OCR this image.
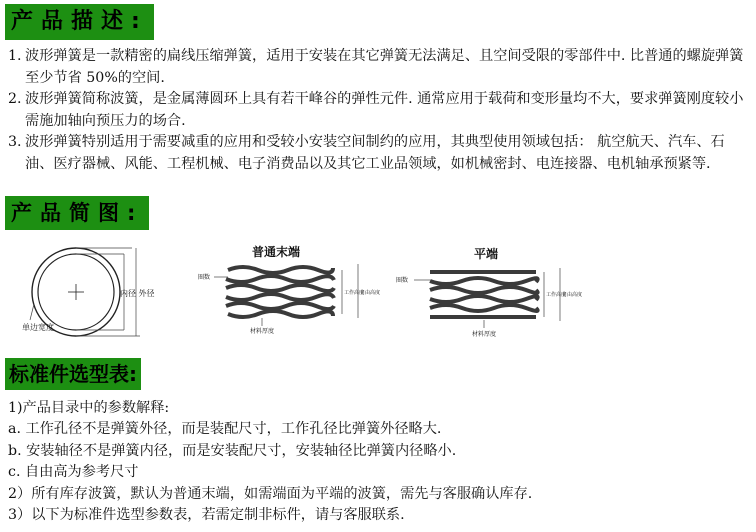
产品描述:
1. 波形弹簧是一款精密的扁线压缩弹簧，适用于安装在其它弹簧无法满足、且空间受限的零部件中. 比普通的螺旋弹簧至少节省 50%的空间.
2. 波形弹簧简称波簧，是金属薄圆环上具有若干峰谷的弹性元件. 通常应用于载荷和变形量均不大，要求弹簧刚度较小需施加轴向预压力的场合.
3. 波形弹簧特别适用于需要减重的应用和受较小安装空间制约的应用，其典型使用领域包括： 航空航天、汽车、石油、医疗器械、风能、工程机械、电子消费品以及其它工业品领域，如机械密封、电连接器、电机轴承预紧等.
产品简图:
内径 外径
单边宽度
普通末端
圈数
工作高度
自由高度
材料厚度
平端
圈数
工作高度
自由高度
材料厚度
标准件选型表:
1)产品目录中的参数解释:
a. 工作孔径不是弹簧外径，而是装配尺寸，工作孔径比弹簧外径略大.
b. 安装轴径不是弹簧内径，而是安装配尺寸，安装轴径比弹簧内径略小.
c. 自由高为参考尺寸
2）所有库存波簧，默认为普通末端，如需端面为平端的波簧，需先与客服确认库存.
3）以下为标准件选型参数表，若需定制非标件，请与客服联系.
